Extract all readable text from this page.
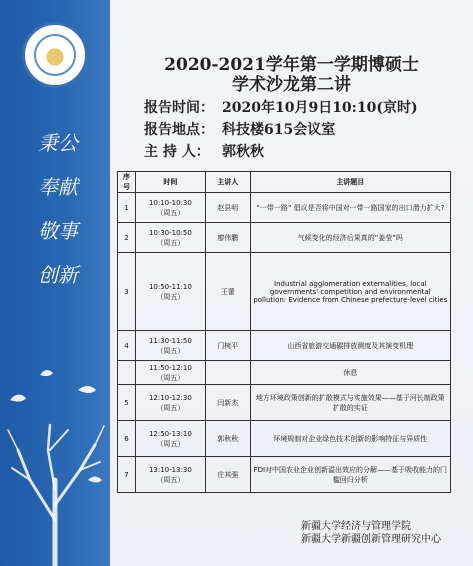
秉公
奉献
敬事
创新
2020-2021学年第一学期博硕士
学术沙龙第二讲
报告时间： 2020年10月9日10:10(京时)
报告地点： 科技楼615会议室
主 持 人： 郭秋秋
序号	时间	主讲人	主讲题目
1	10:10-10:30
（周五）	赵县明	“一带一路” 倡议是否将中国对一带一路国家的出口潜力扩大?
2	10:30-10:50
（周五）	廖伟鹏	气候变化的经济后果真的“姜莹”吗
3	10:50-11:10
（周五）	王蕾	Industrial agglomeration externalities, local governments' competition and environmental pollution: Evidence from Chinese prefecture-level cities
4	11:30-11:50
（周五）	门树平	山西省旅游交通碳排放测度及其演变机理

	11:50-12:10
（周五）		休息
5	12:10-12:30
（周五）	闫新杰	地方环境政策创新的扩散模式与实施效果——基于河长制政策扩散的实证
6	12:50-13:10
（周五）	郭秋秋	环境规制对企业绿色技术创新的影响特征与异质性
7	13:10-13:30
（周五）	庄其强	FDI对中国农业企业创新溢出效应的分解——基于吸收能力的门槛回归分析
新疆大学经济与管理学院
新疆大学新疆创新管理研究中心
